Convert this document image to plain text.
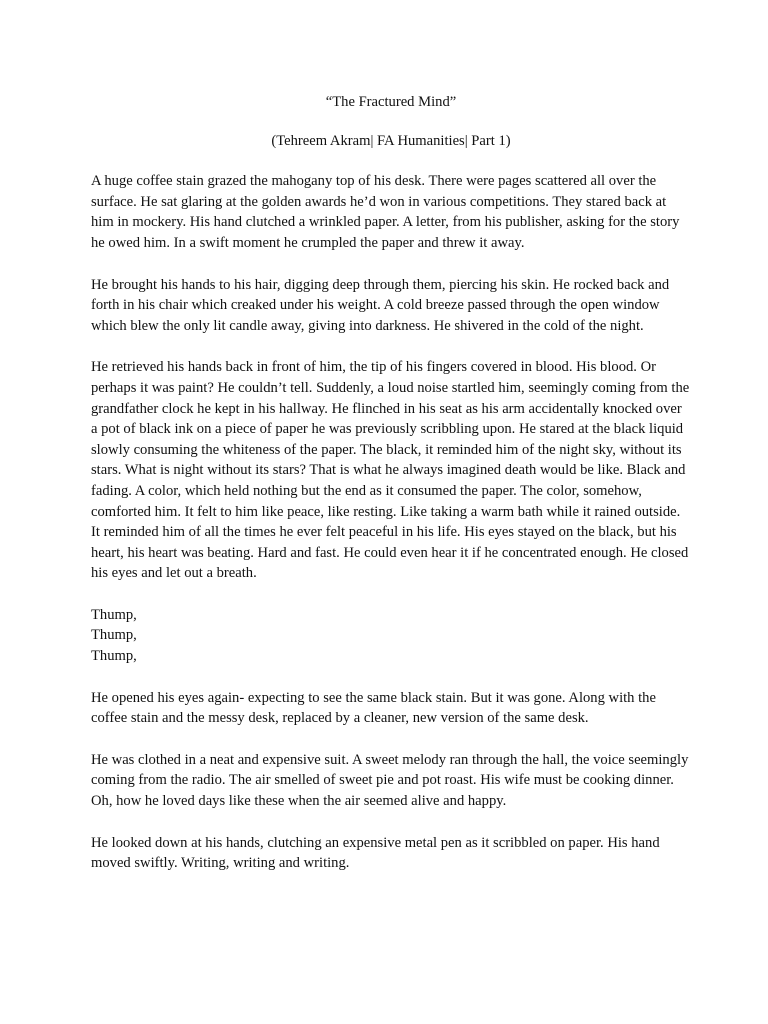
“The Fractured Mind”
(Tehreem Akram| FA Humanities| Part 1)

A huge coffee stain grazed the mahogany top of his desk. There were pages scattered all over the surface. He sat glaring at the golden awards he’d won in various competitions. They stared back at him in mockery. His hand clutched a wrinkled paper. A letter, from his publisher, asking for the story he owed him. In a swift moment he crumpled the paper and threw it away.

He brought his hands to his hair, digging deep through them, piercing his skin. He rocked back and forth in his chair which creaked under his weight. A cold breeze passed through the open window which blew the only lit candle away, giving into darkness. He shivered in the cold of the night.

He retrieved his hands back in front of him, the tip of his fingers covered in blood. His blood. Or perhaps it was paint? He couldn’t tell. Suddenly, a loud noise startled him, seemingly coming from the grandfather clock he kept in his hallway. He flinched in his seat as his arm accidentally knocked over a pot of black ink on a piece of paper he was previously scribbling upon. He stared at the black liquid slowly consuming the whiteness of the paper. The black, it reminded him of the night sky, without its stars. What is night without its stars? That is what he always imagined death would be like. Black and fading. A color, which held nothing but the end as it consumed the paper. The color, somehow, comforted him. It felt to him like peace, like resting. Like taking a warm bath while it rained outside. It reminded him of all the times he ever felt peaceful in his life. His eyes stayed on the black, but his heart, his heart was beating. Hard and fast. He could even hear it if he concentrated enough. He closed his eyes and let out a breath.

Thump,
Thump,
Thump,

He opened his eyes again- expecting to see the same black stain. But it was gone. Along with the coffee stain and the messy desk, replaced by a cleaner, new version of the same desk.

He was clothed in a neat and expensive suit. A sweet melody ran through the hall, the voice seemingly coming from the radio. The air smelled of sweet pie and pot roast. His wife must be cooking dinner. Oh, how he loved days like these when the air seemed alive and happy.

He looked down at his hands, clutching an expensive metal pen as it scribbled on paper. His hand moved swiftly. Writing, writing and writing.
